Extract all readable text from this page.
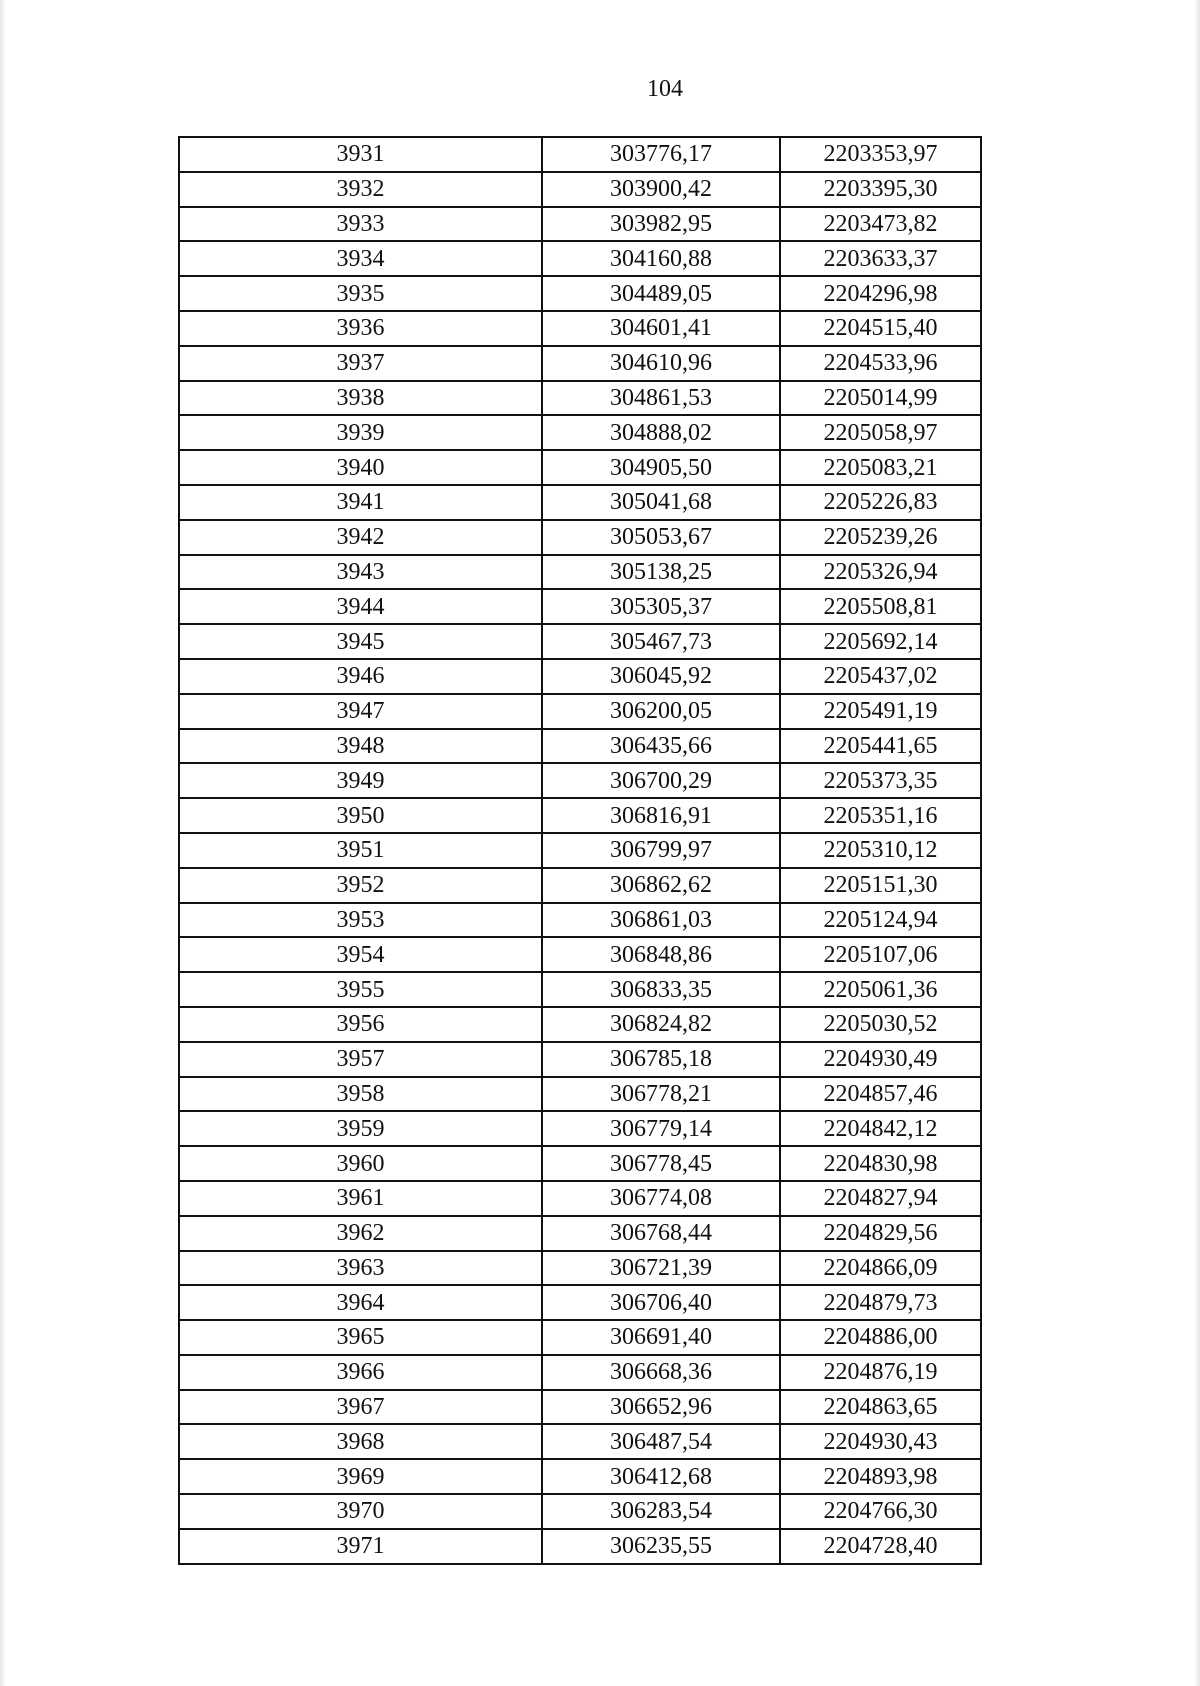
104
3931	303776,17	2203353,97
3932	303900,42	2203395,30
3933	303982,95	2203473,82
3934	304160,88	2203633,37
3935	304489,05	2204296,98
3936	304601,41	2204515,40
3937	304610,96	2204533,96
3938	304861,53	2205014,99
3939	304888,02	2205058,97
3940	304905,50	2205083,21
3941	305041,68	2205226,83
3942	305053,67	2205239,26
3943	305138,25	2205326,94
3944	305305,37	2205508,81
3945	305467,73	2205692,14
3946	306045,92	2205437,02
3947	306200,05	2205491,19
3948	306435,66	2205441,65
3949	306700,29	2205373,35
3950	306816,91	2205351,16
3951	306799,97	2205310,12
3952	306862,62	2205151,30
3953	306861,03	2205124,94
3954	306848,86	2205107,06
3955	306833,35	2205061,36
3956	306824,82	2205030,52
3957	306785,18	2204930,49
3958	306778,21	2204857,46
3959	306779,14	2204842,12
3960	306778,45	2204830,98
3961	306774,08	2204827,94
3962	306768,44	2204829,56
3963	306721,39	2204866,09
3964	306706,40	2204879,73
3965	306691,40	2204886,00
3966	306668,36	2204876,19
3967	306652,96	2204863,65
3968	306487,54	2204930,43
3969	306412,68	2204893,98
3970	306283,54	2204766,30
3971	306235,55	2204728,40
